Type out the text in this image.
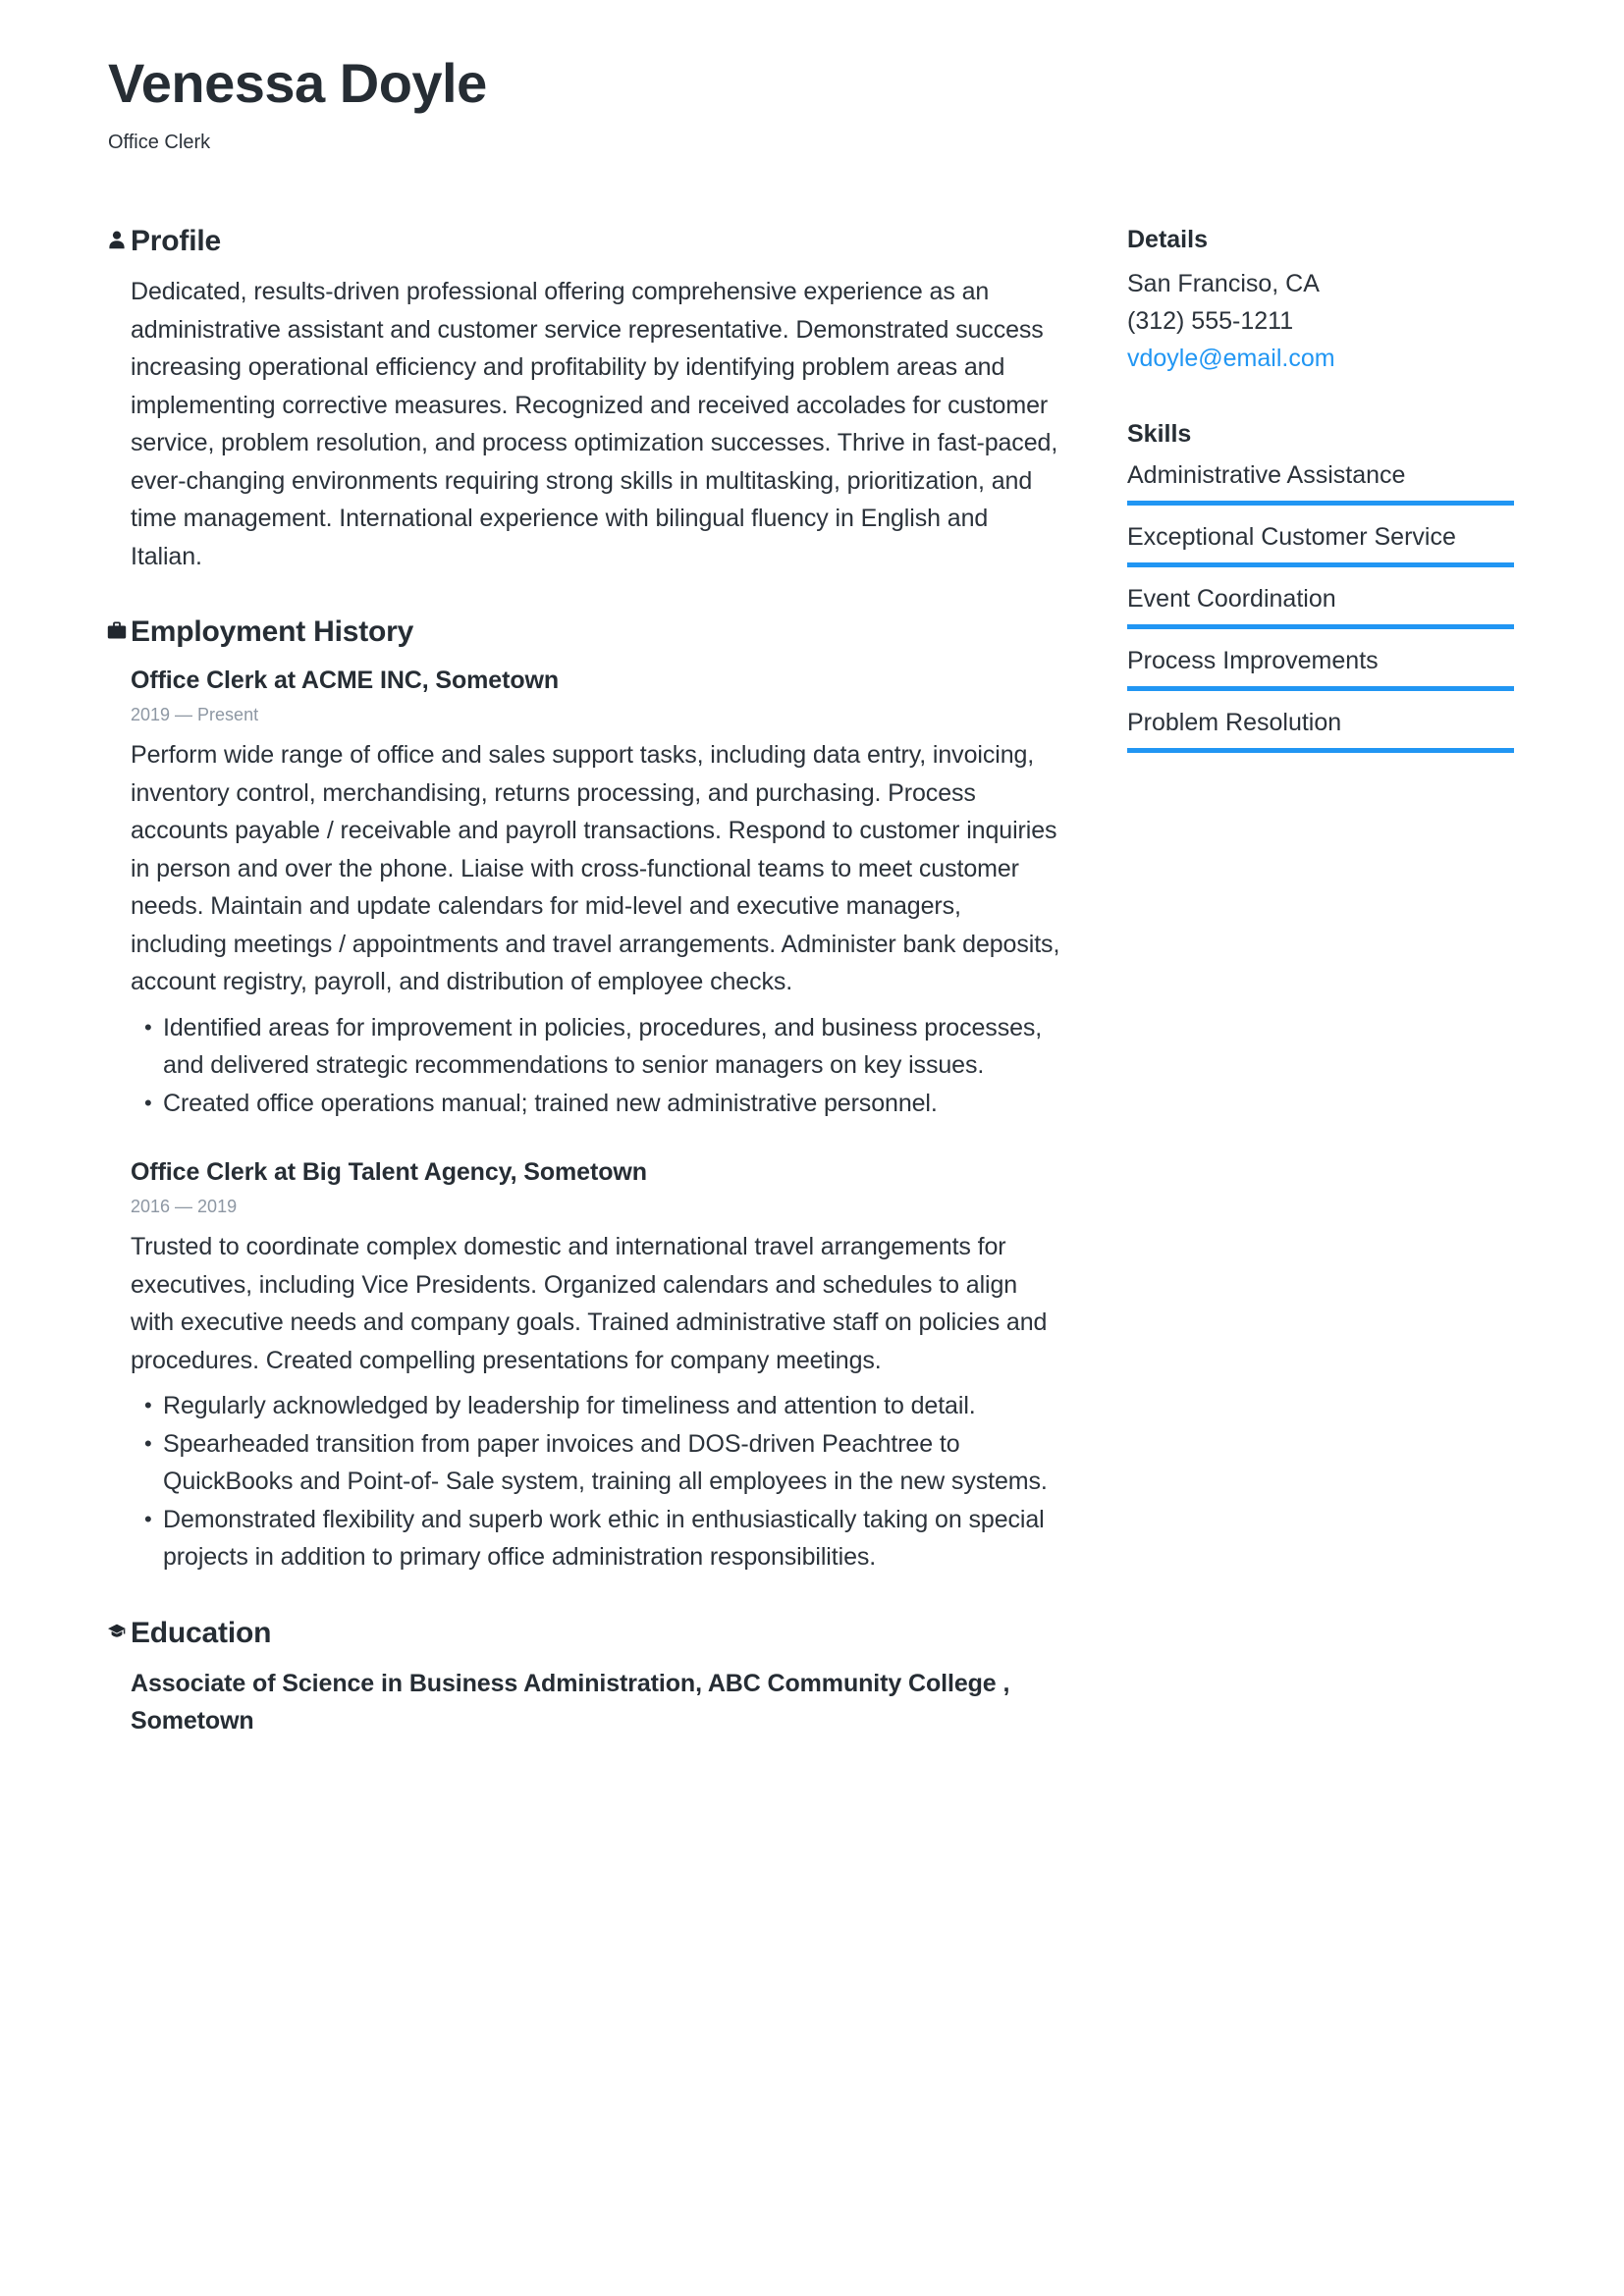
Venessa Doyle
Office Clerk
Profile

Dedicated, results-driven professional offering comprehensive experience as an administrative assistant and customer service representative. Demonstrated success increasing operational efficiency and profitability by identifying problem areas and implementing corrective measures. Recognized and received accolades for customer service, problem resolution, and process optimization successes. Thrive in fast-paced, ever-changing environments requiring strong skills in multitasking, prioritization, and time management. International experience with bilingual fluency in English and Italian.

Employment History
Office Clerk at ACME INC, Sometown
2019 — Present

Perform wide range of office and sales support tasks, including data entry, invoicing, inventory control, merchandising, returns processing, and purchasing. Process accounts payable / receivable and payroll transactions. Respond to customer inquiries in person and over the phone. Liaise with cross-functional teams to meet customer needs. Maintain and update calendars for mid-level and executive managers, including meetings / appointments and travel arrangements. Administer bank deposits, account registry, payroll, and distribution of employee checks.

• Identified areas for improvement in policies, procedures, and business processes, and delivered strategic recommendations to senior managers on key issues.
• Created office operations manual; trained new administrative personnel.
Office Clerk at Big Talent Agency, Sometown
2016 — 2019

Trusted to coordinate complex domestic and international travel arrangements for executives, including Vice Presidents. Organized calendars and schedules to align with executive needs and company goals. Trained administrative staff on policies and procedures. Created compelling presentations for company meetings.

• Regularly acknowledged by leadership for timeliness and attention to detail.
• Spearheaded transition from paper invoices and DOS-driven Peachtree to QuickBooks and Point-of- Sale system, training all employees in the new systems.
• Demonstrated flexibility and superb work ethic in enthusiastically taking on special projects in addition to primary office administration responsibilities.
Education
Associate of Science in Business Administration, ABC Community College , Sometown
Details
San Franciso, CA
(312) 555-1211
vdoyle@email.com
Skills
Administrative Assistance
Exceptional Customer Service
Event Coordination
Process Improvements
Problem Resolution
